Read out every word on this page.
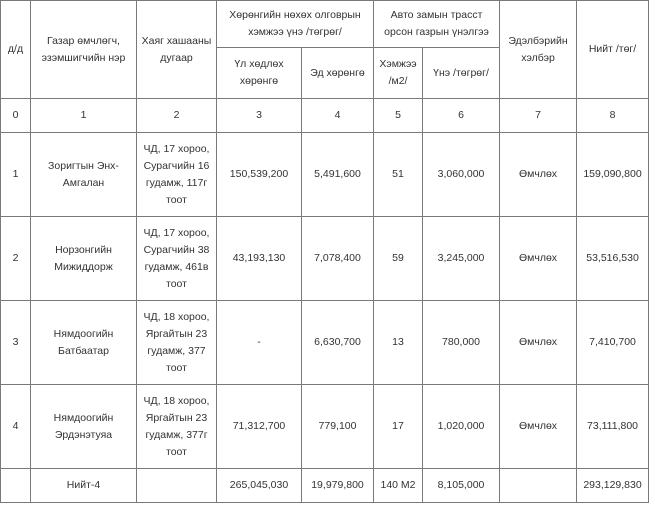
д/д	Газар өмчлөгч, эзэмшигчийн нэр	Хаяг хашааны дугаар	Хөрөнгийн нөхөх олговрын хэмжээ үнэ /төгрөг/		Авто замын трасст орсон газрын үнэлгээ		Эдэлбэрийн хэлбэр	Нийт /төг/
			Үл хөдлөх хөрөнгө	Эд хөрөнгө	Хэмжээ /м2/	Үнэ /төгрөг/		
0	1	2	3	4	5	6	7	8
1	Зоригтын Энх-Амгалан	ЧД, 17 хороо, Сурагчийн 16 гудамж, 117г тоот	150,539,200	5,491,600	51	3,060,000	Өмчлөх	159,090,800
2	Норзонгийн Мижиддорж	ЧД, 17 хороо, Сурагчийн 38 гудамж, 461в тоот	43,193,130	7,078,400	59	3,245,000	Өмчлөх	53,516,530
3	Нямдоогийн Батбаатар	ЧД, 18 хороо, Яргайтын 23 гудамж, 377 тоот	-	6,630,700	13	780,000	Өмчлөх	7,410,700
4	Нямдоогийн Эрдэнэтуяа	ЧД, 18 хороо, Яргайтын 23 гудамж, 377г тоот	71,312,700	779,100	17	1,020,000	Өмчлөх	73,111,800
	Нийт-4		265,045,030	19,979,800	140 М2	8,105,000		293,129,830
